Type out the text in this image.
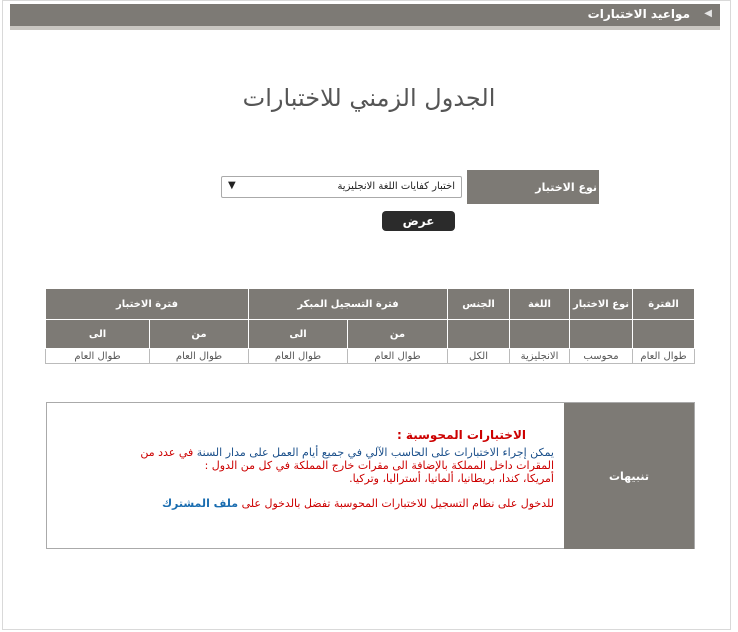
◀
مواعيد الاختبارات
الجدول الزمني للاختبارات
نوع الاختبار
اختبار كفايات اللغة الانجليزية
▼
عرض
الفترة	نوع الاختبار	اللغة	الجنس	فترة التسجيل المبكر		فترة الاختبار	
				من	الى	من	الى
طوال العام	محوسب	الانجليزية	الكل	طوال العام	طوال العام	طوال العام	طوال العام
تنبيهات
الاختبارات المحوسبة :
يمكن إجراء الاختبارات على الحاسب الآلي في جميع أيام العمل على مدار السنة في عدد من
المقرات داخل المملكة بالإضافة الى مقرات خارج المملكة في كل من الدول :
أمريكا، كندا، بريطانيا، ألمانيا، أستراليا، وتركيا.
للدخول على نظام التسجيل للاختبارات المحوسبة تفضل بالدخول على ملف المشترك
